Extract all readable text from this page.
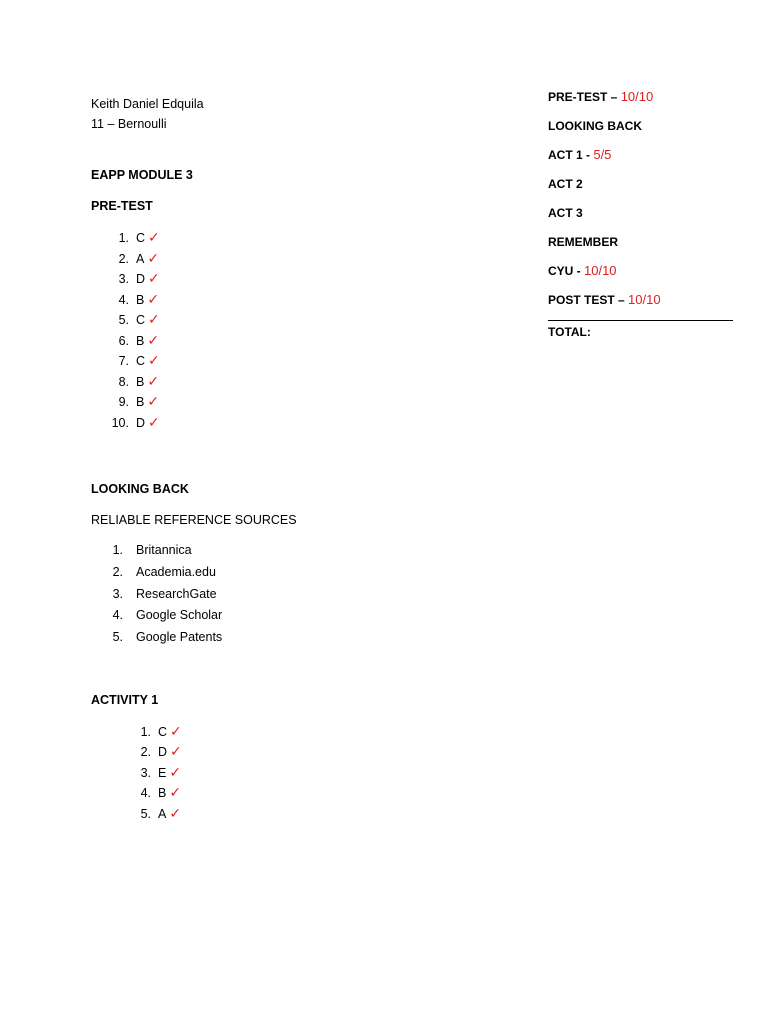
Keith Daniel Edquila
11 – Bernoulli
EAPP MODULE 3
PRE-TEST
1. C ✓
2. A ✓
3. D ✓
4. B ✓
5. C ✓
6. B ✓
7. C ✓
8. B ✓
9. B ✓
10. D ✓
LOOKING BACK
RELIABLE REFERENCE SOURCES
1. Britannica
2. Academia.edu
3. ResearchGate
4. Google Scholar
5. Google Patents
ACTIVITY 1
1. C ✓
2. D ✓
3. E ✓
4. B ✓
5. A ✓
PRE-TEST – 10/10
LOOKING BACK
ACT 1 - 5/5
ACT 2
ACT 3
REMEMBER
CYU - 10/10
POST TEST – 10/10
TOTAL:
